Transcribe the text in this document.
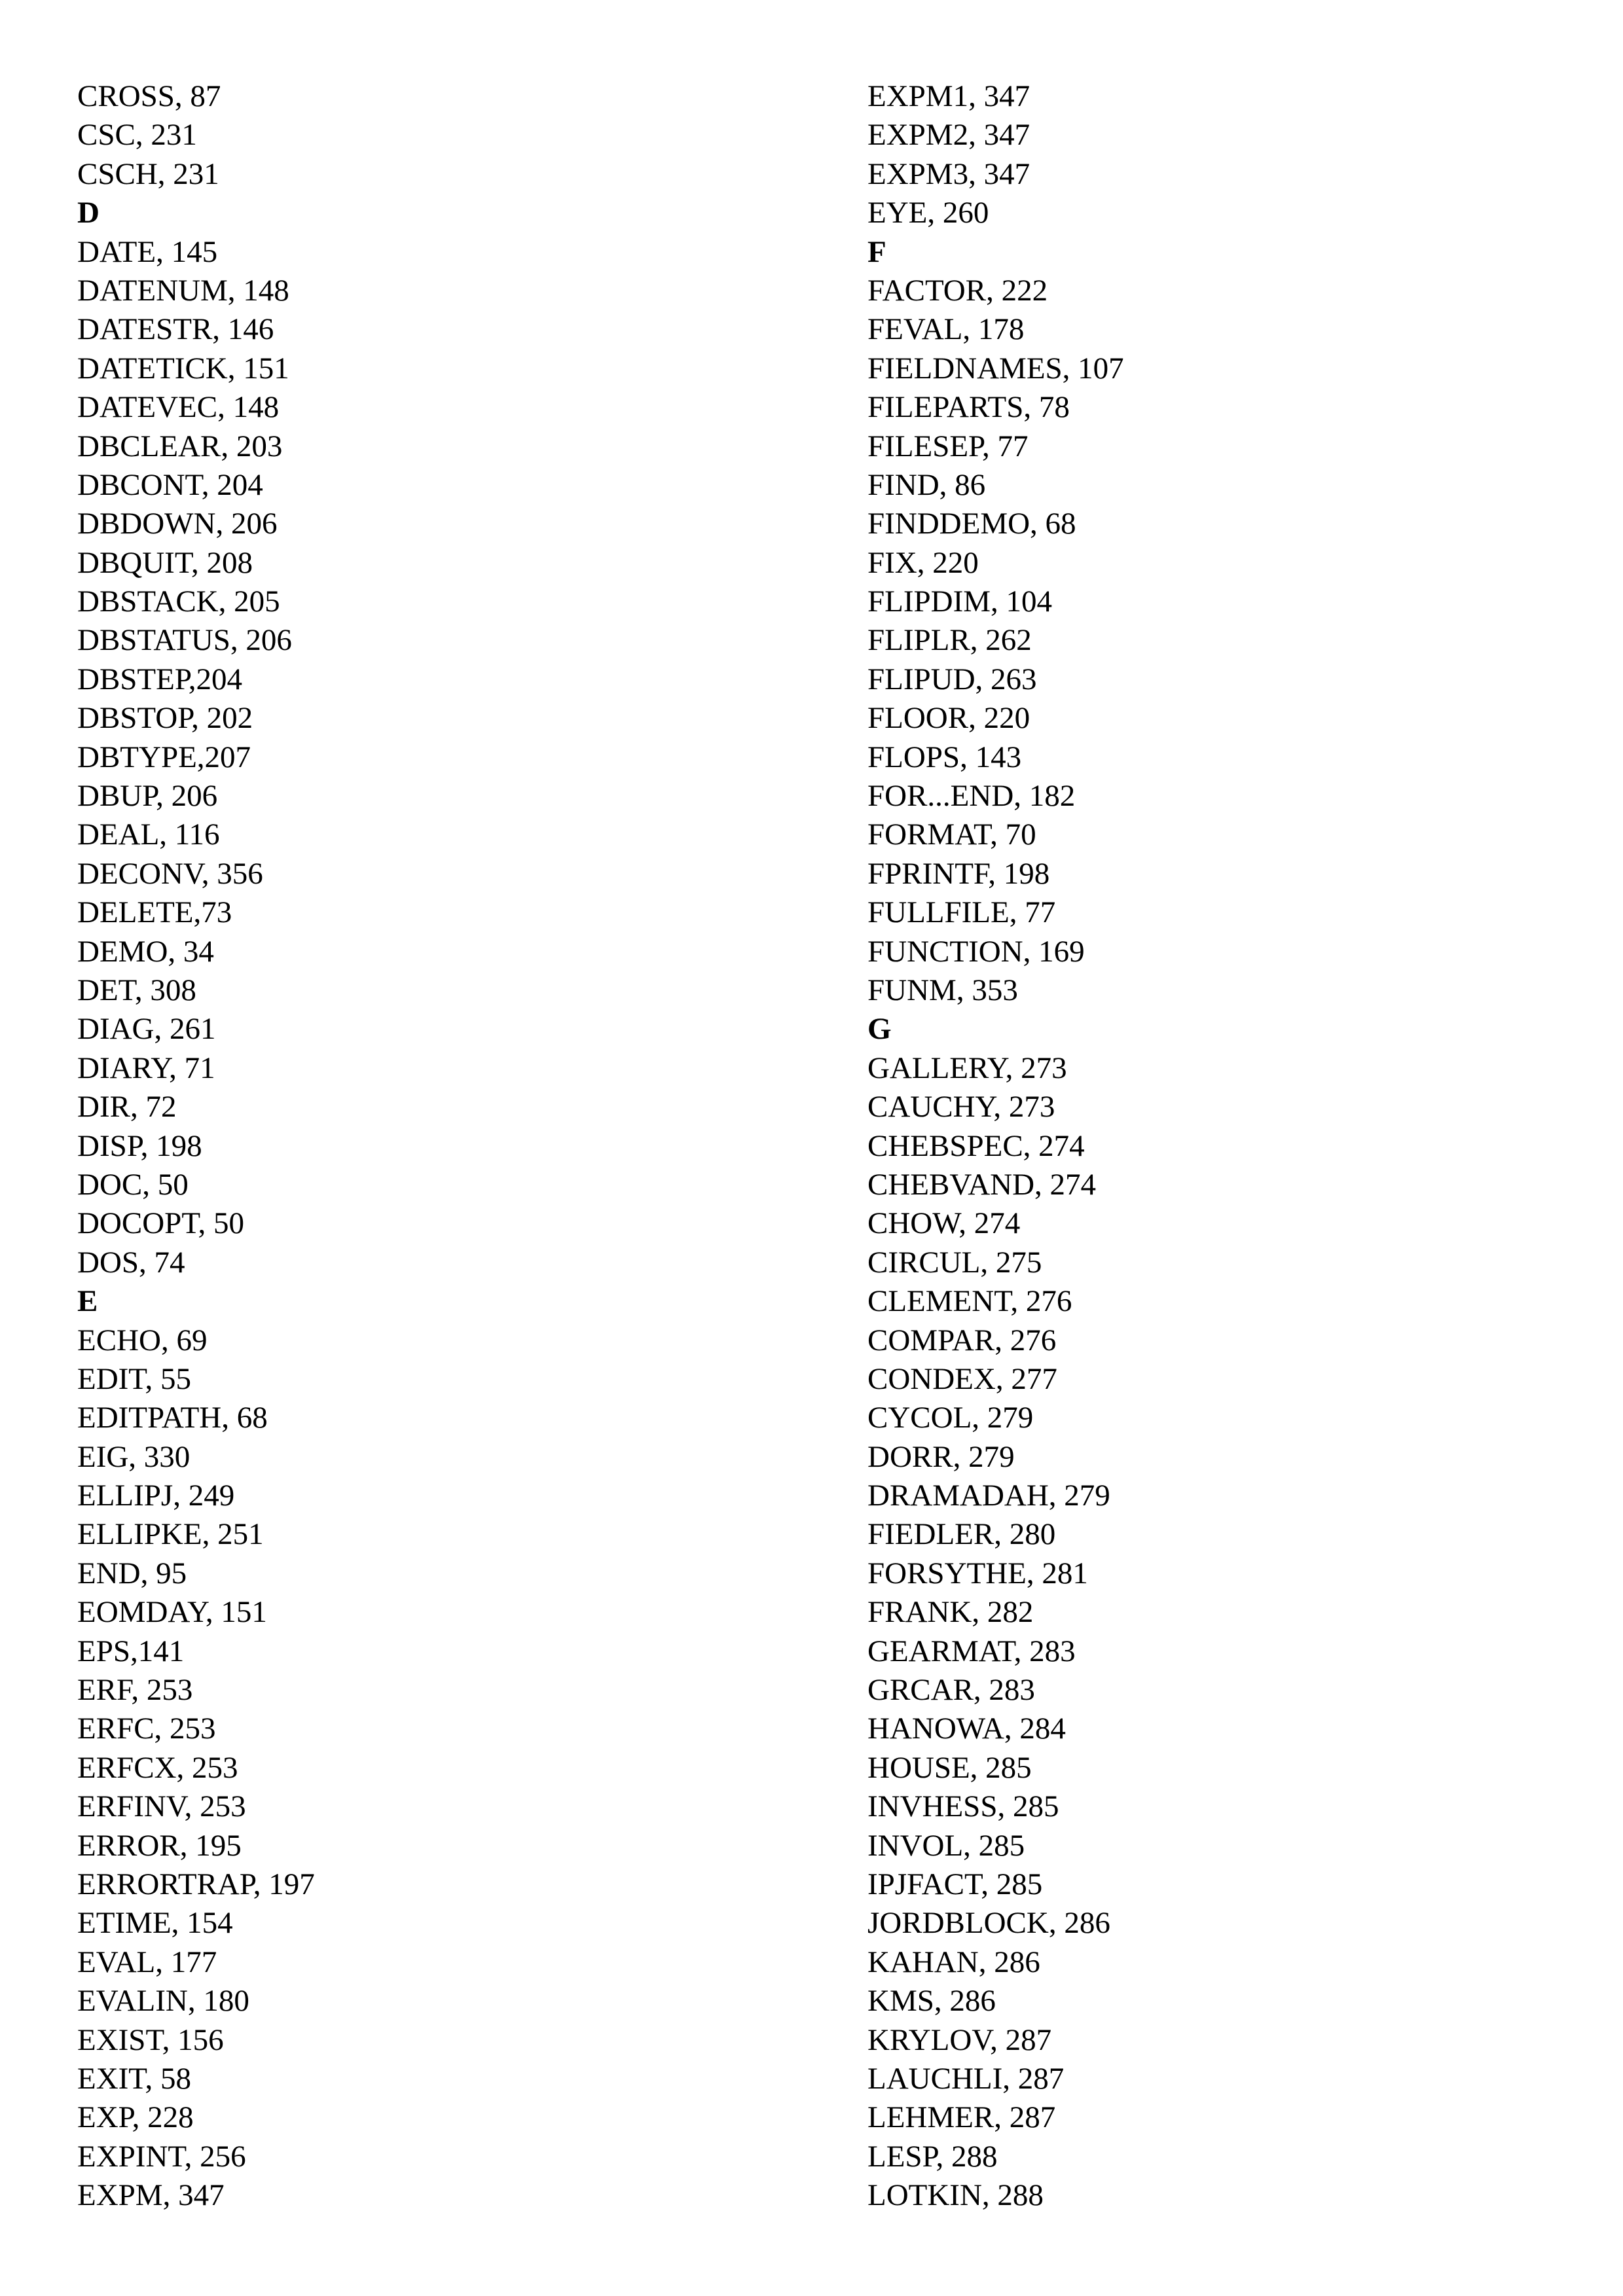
CROSS, 87
CSC, 231
CSCH, 231
D
DATE, 145
DATENUM, 148
DATESTR, 146
DATETICK, 151
DATEVEC, 148
DBCLEAR, 203
DBCONT, 204
DBDOWN, 206
DBQUIT, 208
DBSTACK, 205
DBSTATUS, 206
DBSTEP,204
DBSTOP, 202
DBTYPE,207
DBUP, 206
DEAL, 116
DECONV, 356
DELETE,73
DEMO, 34
DET, 308
DIAG, 261
DIARY, 71
DIR, 72
DISP, 198
DOC, 50
DOCOPT, 50
DOS, 74
E
ECHO, 69
EDIT, 55
EDITPATH, 68
EIG, 330
ELLIPJ, 249
ELLIPKE, 251
END, 95
EOMDAY, 151
EPS,141
ERF, 253
ERFC, 253
ERFCX, 253
ERFINV, 253
ERROR, 195
ERRORTRAP, 197
ETIME, 154
EVAL, 177
EVALIN, 180
EXIST, 156
EXIT, 58
EXP, 228
EXPINT, 256
EXPM, 347
EXPM1, 347
EXPM2, 347
EXPM3, 347
EYE, 260
F
FACTOR, 222
FEVAL, 178
FIELDNAMES, 107
FILEPARTS, 78
FILESEP, 77
FIND, 86
FINDDEMO, 68
FIX, 220
FLIPDIM, 104
FLIPLR, 262
FLIPUD, 263
FLOOR, 220
FLOPS, 143
FOR...END, 182
FORMAT, 70
FPRINTF, 198
FULLFILE, 77
FUNCTION, 169
FUNM, 353
G
GALLERY, 273
CAUCHY, 273
CHEBSPEC, 274
CHEBVAND, 274
CHOW, 274
CIRCUL, 275
CLEMENT, 276
COMPAR, 276
CONDEX, 277
CYCOL, 279
DORR, 279
DRAMADAH, 279
FIEDLER, 280
FORSYTHE, 281
FRANK, 282
GEARMAT, 283
GRCAR, 283
HANOWA, 284
HOUSE, 285
INVHESS, 285
INVOL, 285
IPJFACT, 285
JORDBLOCK, 286
KAHAN, 286
KMS, 286
KRYLOV, 287
LAUCHLI, 287
LEHMER, 287
LESP, 288
LOTKIN, 288
